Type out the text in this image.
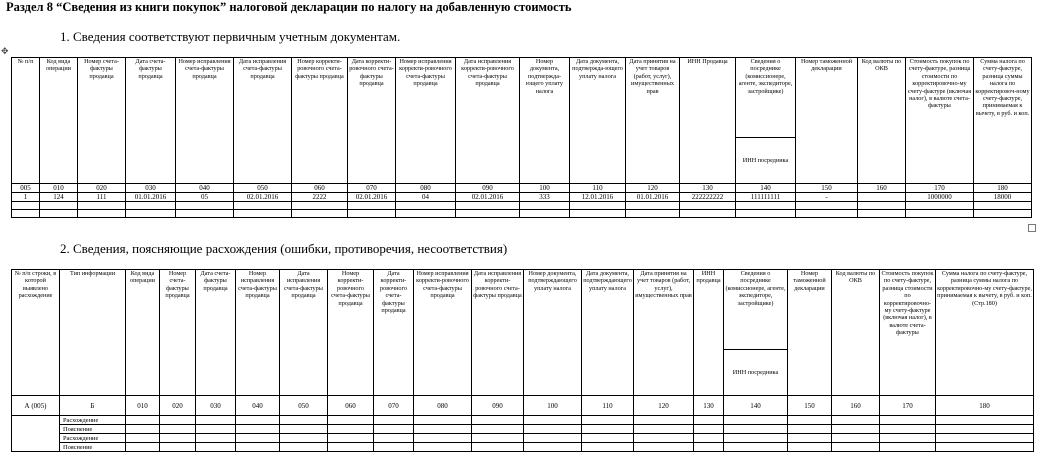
Раздел 8 “Сведения из книги покупок” налоговой декларации по налогу на добавленную стоимость
✥
1. Сведения соответствуют первичным учетным документам.
№ п/п	Код вида операции	Номер счета-фактуры продавца	Дата счета-фактуры продавца	Номер исправления счета-фактуры продавца	Дата исправления счета-фактуры продавца	Номер корректи-ровочного счета-фактуры продавца	Дата корректи-ровочного счета-фактуры продавца	Номер исправления корректи-ровочного счета-фактуры продавца	Дата исправления корректи-ровочного счета-фактуры продавца	Номер документа, подтвержда-ющего уплату налога	Дата документа, подтвержда-ющего уплату налога	Дата принятия на учет товаров (работ, услуг), имущественных прав	ИНН Продавца	Сведения о посреднике (комиссионере, агенте, экспедиторе, застройщике)	Номер таможенной декларации	Код валюты по ОКВ	Стоимость покупок по счету-фактуре, разница стоимости по корректировочно-му счету-фактуре (включая налог), в валюте счета-фактуры	Сумма налога по счету-фактуре, разница суммы налога по корректировоч-ному счету-фактуре, принимаемая к вычету, в руб. и коп.
														ИНН посредника				
005	010	020	030	040	050	060	070	080	090	100	110	120	130	140	150	160	170	180
1	124	111	01.01.2016	05	02.01.2016	2222	02.01.2016	04	02.01.2016	333	12.01.2016	01.01.2016	222222222	111111111	-		1000000	18000

2. Сведения, поясняющие расхождения (ошибки, противоречия, несоответствия)
№ п/п строки, в которой выявлено расхождение	Тип информации	Код вида операции	Номер счета-фактуры продавца	Дата счета-фактуры продавца	Номер исправления счета-фактуры продавца	Дата исправления счета-фактуры продавца	Номер корректи-ровочного счета-фактуры продавца	Дата корректи-ровочного счета-фактуры продавца	Номер исправления корректи-ровочного счета-фактуры продавца	Дата исправления корректи-ровочного счета-фактуры продавца	Номер документа, подтверждающего уплату налога	Дата документа, подтверждающего уплату налога	Дата принятия на учет товаров (работ, услуг), имущественных прав	ИНН продавца	Сведения о посреднике (комиссионере, агенте, экспедиторе, застройщике)	Номер таможенной декларации	Код валюты по ОКВ	Стоимость покупок по счету-фактуре, разница стоимости по корректировочно-му счету-фактуре (включая налог), в валюте счета-фактуры	Сумма налога по счету-фактуре, разница суммы налога по корректировочно-му счету-фактуре, принимаемая к вычету, в руб. и коп. (Стр.180)
															ИНН посредника				
А (005)	Б	010	020	030	040	050	060	070	080	090	100	110	120	130	140	150	160	170	180
	Расхождение																		
	Пояснение																		
	Расхождение																		
	Пояснение																		
